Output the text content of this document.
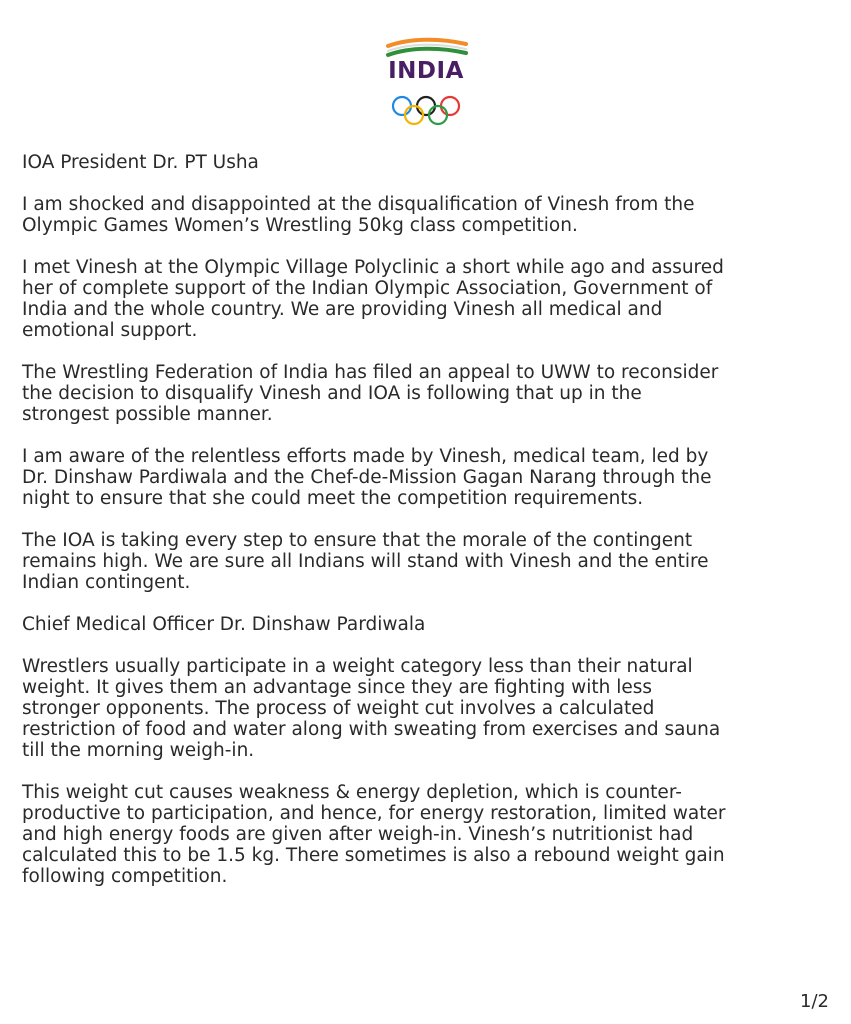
INDIA

IOA President Dr. PT Usha

I am shocked and disappointed at the disqualification of Vinesh from the
Olympic Games Women’s Wrestling 50kg class competition.

I met Vinesh at the Olympic Village Polyclinic a short while ago and assured
her of complete support of the Indian Olympic Association, Government of
India and the whole country. We are providing Vinesh all medical and
emotional support.

The Wrestling Federation of India has filed an appeal to UWW to reconsider
the decision to disqualify Vinesh and IOA is following that up in the
strongest possible manner.

I am aware of the relentless efforts made by Vinesh, medical team, led by
Dr. Dinshaw Pardiwala and the Chef-de-Mission Gagan Narang through the
night to ensure that she could meet the competition requirements.

The IOA is taking every step to ensure that the morale of the contingent
remains high. We are sure all Indians will stand with Vinesh and the entire
Indian contingent.

Chief Medical Officer Dr. Dinshaw Pardiwala

Wrestlers usually participate in a weight category less than their natural
weight. It gives them an advantage since they are fighting with less
stronger opponents. The process of weight cut involves a calculated
restriction of food and water along with sweating from exercises and sauna
till the morning weigh-in.

This weight cut causes weakness & energy depletion, which is counter-
productive to participation, and hence, for energy restoration, limited water
and high energy foods are given after weigh-in. Vinesh’s nutritionist had
calculated this to be 1.5 kg. There sometimes is also a rebound weight gain
following competition.

1/2
